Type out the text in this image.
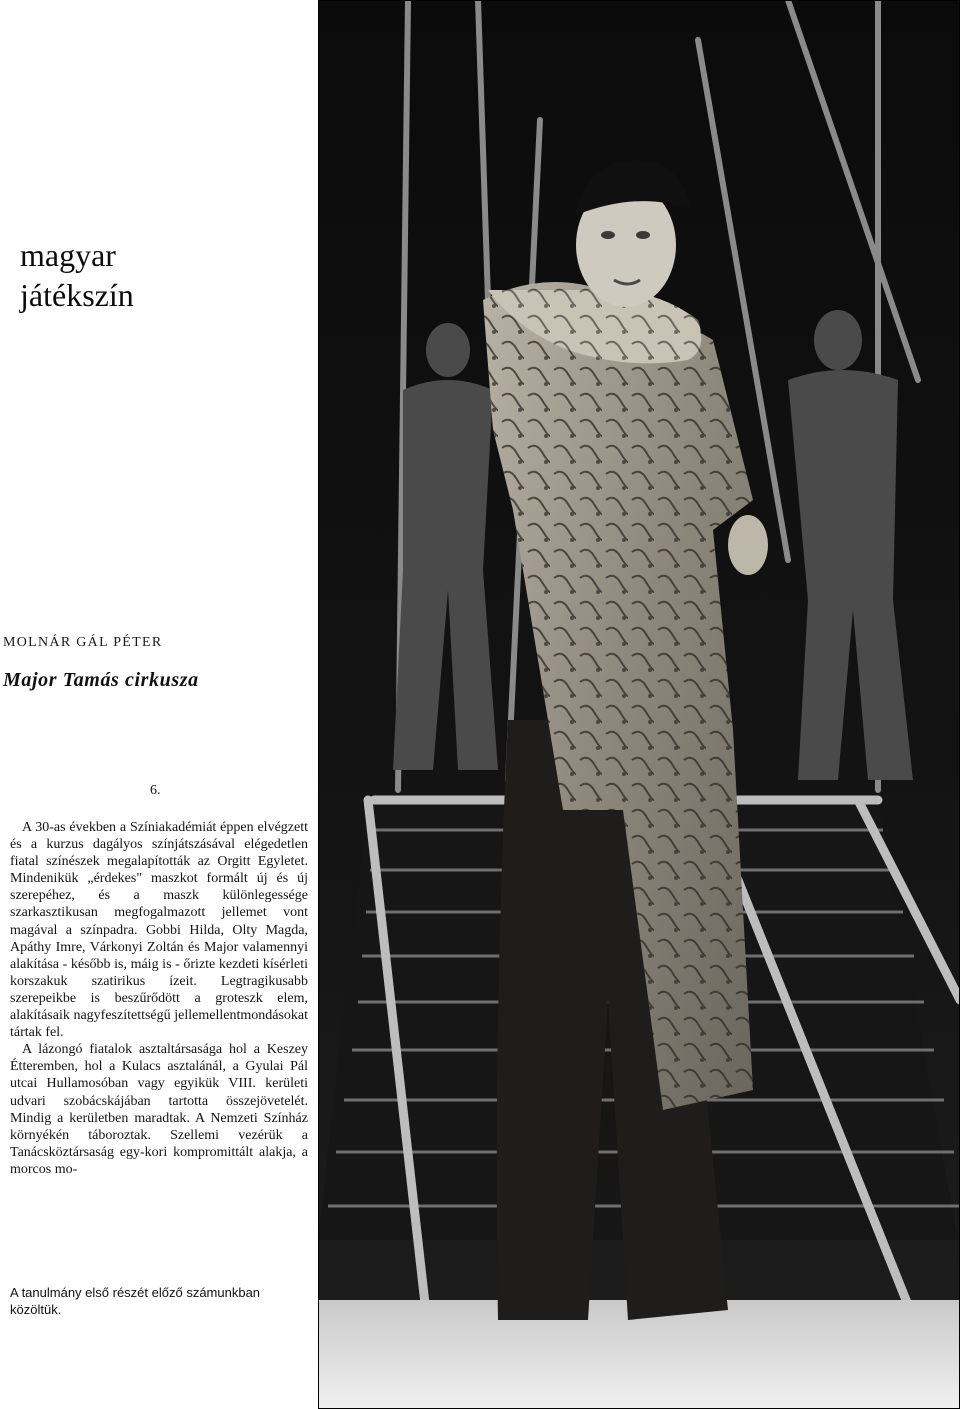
magyar
játékszín
MOLNÁR GÁL PÉTER
Major Tamás cirkusza
6.

A 30-as években a Színiakadémiát éppen elvégzett és a kurzus dagályos színjátszásával elégedetlen fiatal színészek megalapították az Orgitt Egyletet. Mindenikük „érdekes" maszkot formált új és új szerepéhez, és a maszk különlegessége szarkasztikusan megfogalmazott jellemet vont magával a színpadra. Gobbi Hilda, Olty Magda, Apáthy Imre, Várkonyi Zoltán és Major valamennyi alakítása - később is, máig is - őrizte kezdeti kísérleti korszakuk szatirikus ízeit. Legtragikusabb szerepeikbe is beszűrődött a groteszk elem, alakításaik nagyfeszítettségű jellemellentmondásokat tártak fel.

A lázongó fiatalok asztaltársasága hol a Keszey Étteremben, hol a Kulacs asztalánál, a Gyulai Pál utcai Hullamosóban vagy egyikük VIII. kerületi udvari szobácskájában tartotta összejövetelét. Mindig a kerületben maradtak. A Nemzeti Színház környékén táboroztak. Szellemi vezérük a Tanácsköztársaság egy-kori kompromittált alakja, a morcos mo-

A tanulmány első részét előző számunkban közöltük.
